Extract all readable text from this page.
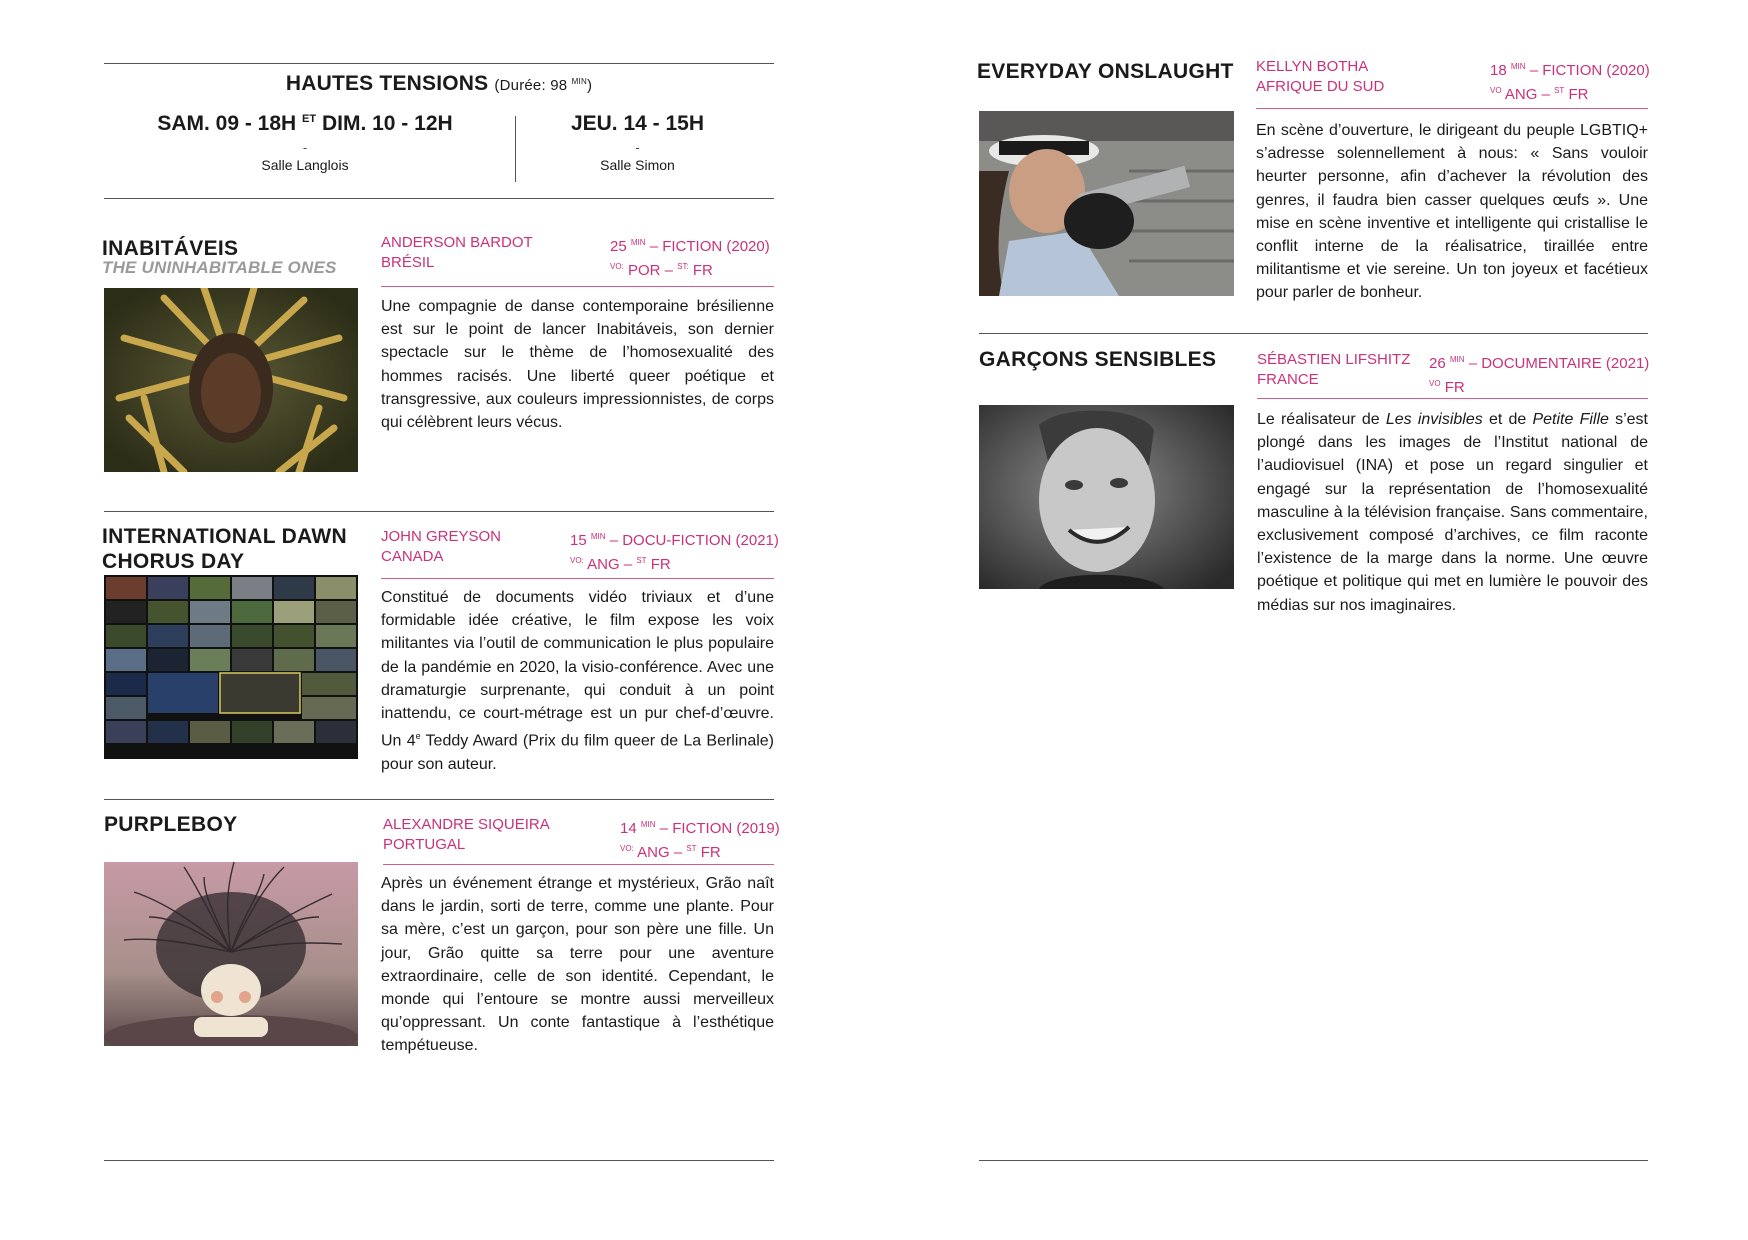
HAUTES TENSIONS (Durée: 98 $^{MIN}$)
SAM. 09 - 18H $^{ET}$ DIM. 10 - 12H
-
Salle Langlois
JEU. 14 - 15H
-
Salle Simon
INABITÁVEIS
THE UNINHABITABLE ONES
ANDERSON BARDOT
BRÉSIL
25 $^{MIN}$ – FICTION (2020)
$^{VO:}$ POR – $^{ST:}$ FR
Une compagnie de danse contemporaine brésilienne est sur le point de lancer Inabitáveis, son dernier spectacle sur le thème de l’homosexualité des hommes racisés. Une liberté queer poétique et transgressive, aux couleurs impressionnistes, de corps qui célèbrent leurs vécus.
INTERNATIONAL DAWN
CHORUS DAY
JOHN GREYSON
CANADA
15 $^{MIN}$ – DOCU-FICTION (2021)
$^{VO:}$ ANG – $^{ST}$ FR
Constitué de documents vidéo triviaux et d’une formidable idée créative, le film expose les voix militantes via l’outil de communication le plus populaire de la pandémie en 2020, la visio-conférence. Avec une dramaturgie surprenante, qui conduit à un point inattendu, ce court-métrage est un pur chef-d’œuvre. Un 4e Teddy Award (Prix du film queer de La Berlinale) pour son auteur.
PURPLEBOY	ALEXANDRE SIQUEIRA
PORTUGAL
14 $^{MIN}$ – FICTION (2019)
$^{VO:}$ ANG – $^{ST}$ FR
Après un événement étrange et mystérieux, Grão naît dans le jardin, sorti de terre, comme une plante. Pour sa mère, c’est un garçon, pour son père une fille. Un jour, Grão quitte sa terre pour une aventure extraordinaire, celle de son identité. Cependant, le monde qui l’entoure se montre aussi merveilleux qu’oppressant. Un conte fantastique à l’esthétique tempétueuse.
EVERYDAY ONSLAUGHT KELLYN BOTHA
AFRIQUE DU SUD
18 $^{MIN}$ – FICTION (2020)
$^{VO}$ ANG – $^{ST}$ FR
En scène d’ouverture, le dirigeant du peuple LGBTIQ+ s’adresse solennellement à nous: « Sans vouloir heurter personne, afin d’achever la révolution des genres, il faudra bien casser quelques œufs ». Une mise en scène inventive et intelligente qui cristallise le conflit interne de la réalisatrice, tiraillée entre militantisme et vie sereine. Un ton joyeux et facétieux pour parler de bonheur.
GARÇONS SENSIBLES	SÉBASTIEN LIFSHITZ
FRANCE
26 $^{MIN}$ – DOCUMENTAIRE (2021)
$^{VO}$ FR
Le réalisateur de Les invisibles et de Petite Fille s’est plongé dans les images de l’Institut national de l’audiovisuel (INA) et pose un regard singulier et engagé sur la représentation de l’homosexualité masculine à la télévision française. Sans commentaire, exclusivement composé d’archives, ce film raconte l’existence de la marge dans la norme. Une œuvre poétique et politique qui met en lumière le pouvoir des médias sur nos imaginaires.
